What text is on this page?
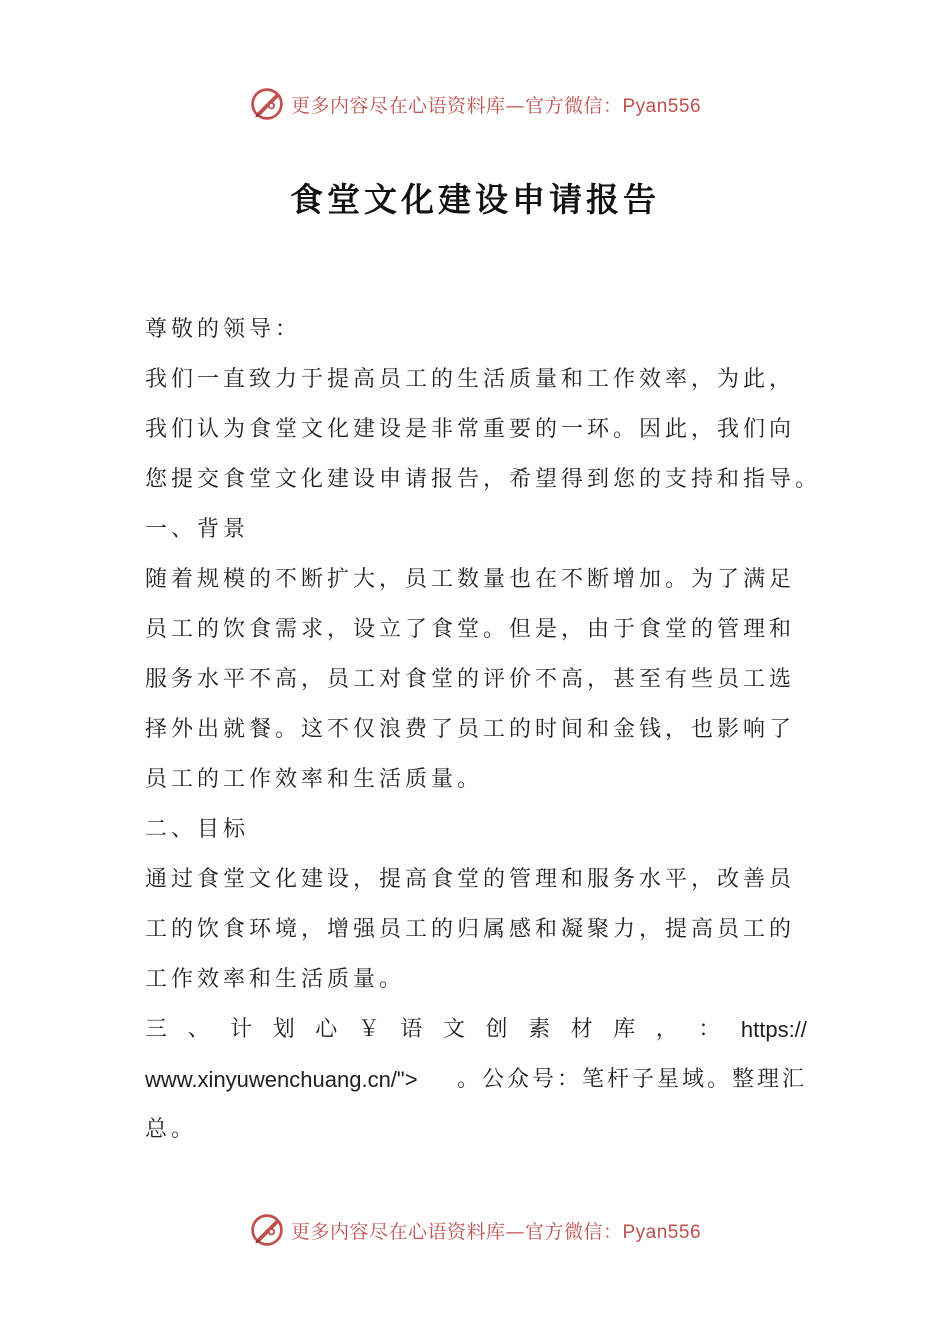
更多内容尽在心语资料库—官方微信：Pyan556
食堂文化建设申请报告
尊敬的领导：
我们一直致力于提高员工的生活质量和工作效率，为此，
我们认为食堂文化建设是非常重要的一环。因此，我们向
您提交食堂文化建设申请报告，希望得到您的支持和指导。
一、背景
随着规模的不断扩大，员工数量也在不断增加。为了满足
员工的饮食需求，设立了食堂。但是，由于食堂的管理和
服务水平不高，员工对食堂的评价不高，甚至有些员工选
择外出就餐。这不仅浪费了员工的时间和金钱，也影响了
员工的工作效率和生活质量。
二、目标
通过食堂文化建设，提高食堂的管理和服务水平，改善员
工的饮食环境，增强员工的归属感和凝聚力，提高员工的
工作效率和生活质量。
三 、 计 划 心 ￥ 语 文 创 素 材 库 ， ： https://
www.xinyuwenchuang.cn/"> 。公众号：笔杆子星域。整理汇
总。
更多内容尽在心语资料库—官方微信：Pyan556
